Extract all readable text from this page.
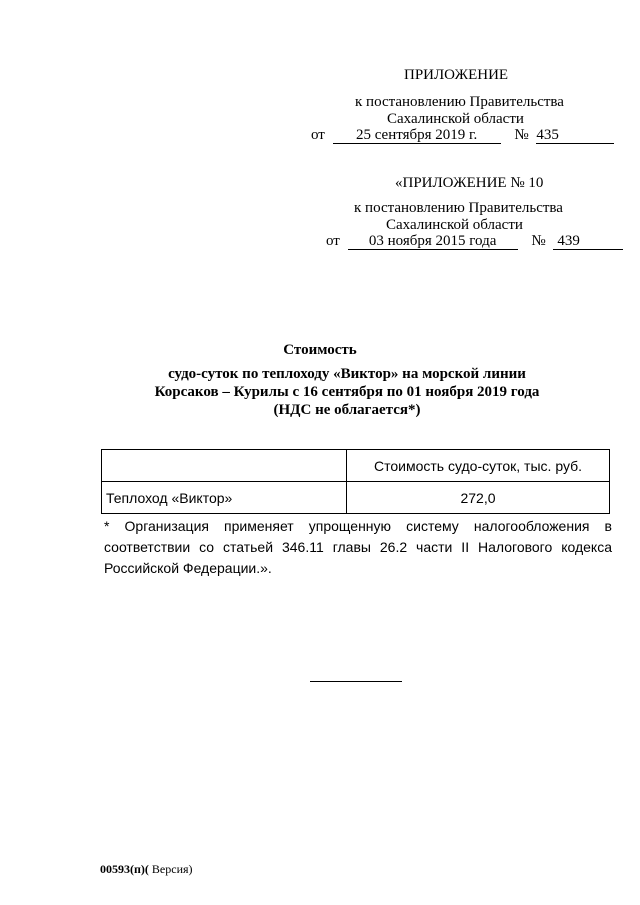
ПРИЛОЖЕНИЕ
к постановлению Правительства
Сахалинской области
от 25 сентября 2019 г. № 435
«ПРИЛОЖЕНИЕ № 10
к постановлению Правительства
Сахалинской области
от 03 ноября 2015 года № 439
Стоимость
судо-суток по теплоходу «Виктор» на морской линии
Корсаков – Курилы с 16 сентября по 01 ноября 2019 года
(НДС не облагается*)
	Стоимость судо-суток, тыс. руб.
Теплоход «Виктор»	272,0
* Организация применяет упрощенную систему налогообложения в соответствии со статьей 346.11 главы 26.2 части II Налогового кодекса Российской Федерации.».
00593(п)( Версия)
